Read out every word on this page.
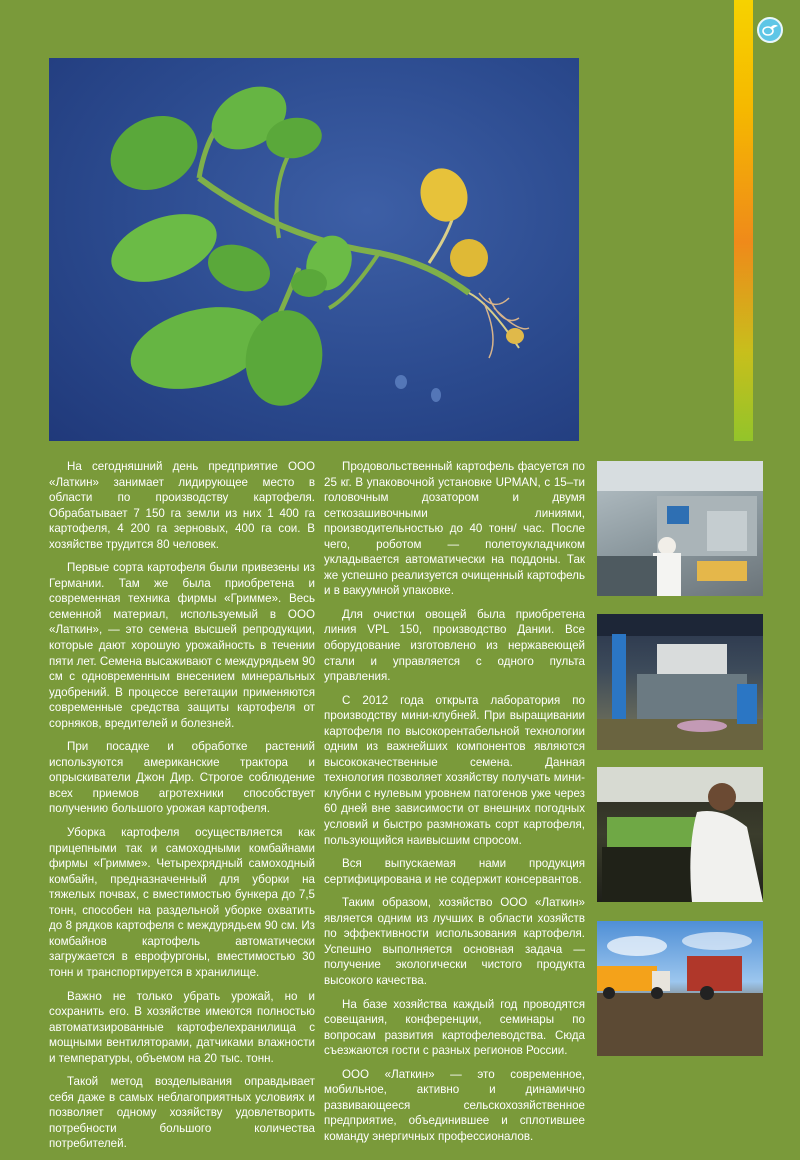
На сегодняшний день предприятие ООО «Латкин» занимает лидирующее место в области по производству картофеля. Обрабатывает 7 150 га земли из них 1 400 га картофеля, 4 200 га зерновых, 400 га сои. В хозяйстве трудится 80 человек.

Первые сорта картофеля были привезены из Германии. Там же была приобретена и современная техника фирмы «Гримме». Весь семенной материал, используемый в ООО «Латкин», — это семена высшей репродукции, которые дают хорошую урожайность в течении пяти лет. Семена высаживают с междурядьем 90 см с одновременным внесением минеральных удобрений. В процессе вегетации применяются современные средства защиты картофеля от сорняков, вредителей и болезней.

При посадке и обработке растений используются американские трактора и опрыскиватели Джон Дир. Строгое соблюдение всех приемов агротехники способствует получению большого урожая картофеля.

Уборка картофеля осуществляется как прицепными так и самоходными комбайнами фирмы «Гримме». Четырехрядный самоходный комбайн, предназначенный для уборки на тяжелых почвах, с вместимостью бункера до 7,5 тонн, способен на раздельной уборке охватить до 8 рядков картофеля с междурядьем 90 см. Из комбайнов картофель автоматически загружается в еврофургоны, вместимостью 30 тонн и транспортируется в хранилище.

Важно не только убрать урожай, но и сохранить его. В хозяйстве имеются полностью автоматизированные картофелехранилища с мощными вентиляторами, датчиками влажности и температуры, объемом на 20 тыс. тонн.

Такой метод возделывания оправдывает себя даже в самых неблагоприятных условиях и позволяет одному хозяйству удовлетворить потребности большого количества потребителей.

Продовольственный картофель фасуется по 25 кг. В упаковочной установке UPMAN, с 15–ти головочным дозатором и двумя сеткозашивочными линиями, производительностью до 40 тонн/ час. После чего, роботом — полетоукладчиком укладывается автоматически на поддоны. Так же успешно реализуется очищенный картофель и в вакуумной упаковке.

Для очистки овощей была приобретена линия VPL 150, производство Дании. Все оборудование изготовлено из нержавеющей стали и управляется с одного пульта управления.

С 2012 года открыта лаборатория по производству мини-клубней. При выращивании картофеля по высокорентабельной технологии одним из важнейших компонентов являются высококачественные семена. Данная технология позволяет хозяйству получать мини-клубни с нулевым уровнем патогенов уже через 60 дней вне зависимости от внешних погодных условий и быстро размножать сорт картофеля, пользующийся наивысшим спросом.

Вся выпускаемая нами продукция сертифицирована и не содержит консервантов.

Таким образом, хозяйство ООО «Латкин» является одним из лучших в области хозяйств по эффективности использования картофеля. Успешно выполняется основная задача — получение экологически чистого продукта высокого качества.

На базе хозяйства каждый год проводятся совещания, конференции, семинары по вопросам развития картофелеводства. Сюда съезжаются гости с разных регионов России.

ООО «Латкин» — это современное, мобильное, активно и динамично развивающееся сельскохозяйственное предприятие, объединившее и сплотившее команду энергичных профессионалов.
